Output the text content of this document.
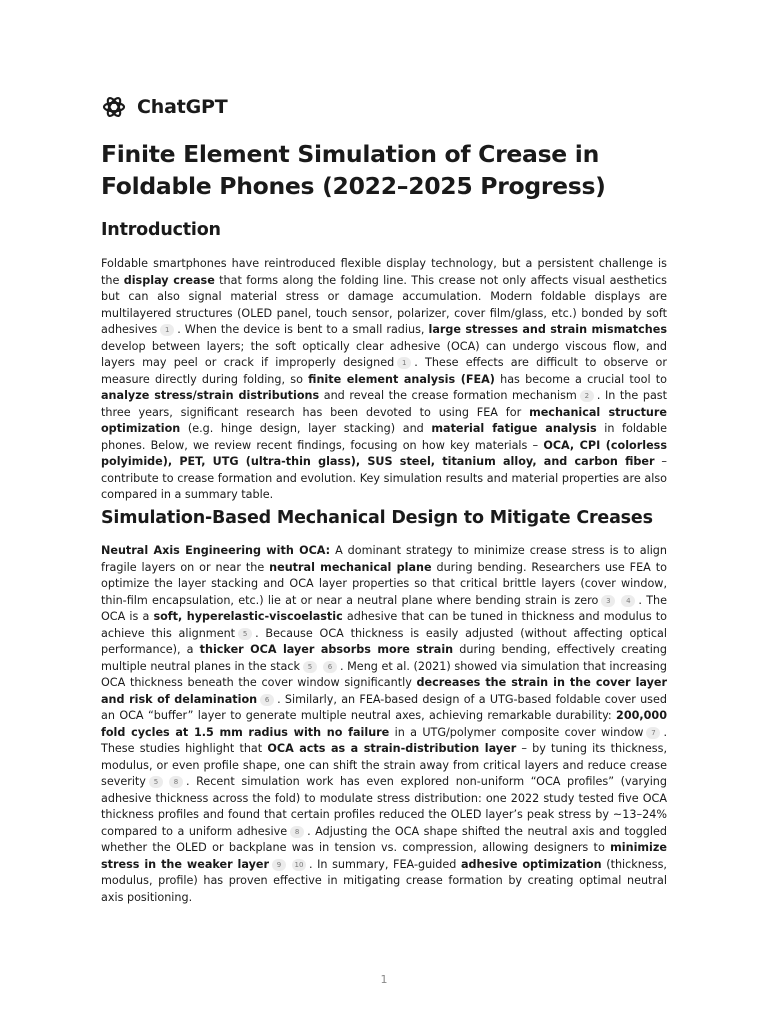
ChatGPT
Finite Element Simulation of Crease in Foldable Phones (2022–2025 Progress)
Introduction

Foldable smartphones have reintroduced flexible display technology, but a persistent challenge is the display crease that forms along the folding line. This crease not only affects visual aesthetics but can also signal material stress or damage accumulation. Modern foldable displays are multilayered structures (OLED panel, touch sensor, polarizer, cover film/glass, etc.) bonded by soft adhesives 1 . When the device is bent to a small radius, large stresses and strain mismatches develop between layers; the soft optically clear adhesive (OCA) can undergo viscous flow, and layers may peel or crack if improperly designed 1 . These effects are difficult to observe or measure directly during folding, so finite element analysis (FEA) has become a crucial tool to analyze stress/strain distributions and reveal the crease formation mechanism 2 . In the past three years, significant research has been devoted to using FEA for mechanical structure optimization (e.g. hinge design, layer stacking) and material fatigue analysis in foldable phones. Below, we review recent findings, focusing on how key materials – OCA, CPI (colorless polyimide), PET, UTG (ultra-thin glass), SUS steel, titanium alloy, and carbon fiber – contribute to crease formation and evolution. Key simulation results and material properties are also compared in a summary table.

Simulation-Based Mechanical Design to Mitigate Creases

Neutral Axis Engineering with OCA: A dominant strategy to minimize crease stress is to align fragile layers on or near the neutral mechanical plane during bending. Researchers use FEA to optimize the layer stacking and OCA layer properties so that critical brittle layers (cover window, thin-film encapsulation, etc.) lie at or near a neutral plane where bending strain is zero 3 4 . The OCA is a soft, hyperelastic-viscoelastic adhesive that can be tuned in thickness and modulus to achieve this alignment 5 . Because OCA thickness is easily adjusted (without affecting optical performance), a thicker OCA layer absorbs more strain during bending, effectively creating multiple neutral planes in the stack 5 6 . Meng et al. (2021) showed via simulation that increasing OCA thickness beneath the cover window significantly decreases the strain in the cover layer and risk of delamination 6 . Similarly, an FEA-based design of a UTG-based foldable cover used an OCA “buffer” layer to generate multiple neutral axes, achieving remarkable durability: 200,000 fold cycles at 1.5 mm radius with no failure in a UTG/polymer composite cover window 7 . These studies highlight that OCA acts as a strain-distribution layer – by tuning its thickness, modulus, or even profile shape, one can shift the strain away from critical layers and reduce crease severity 5 8 . Recent simulation work has even explored non-uniform “OCA profiles” (varying adhesive thickness across the fold) to modulate stress distribution: one 2022 study tested five OCA thickness profiles and found that certain profiles reduced the OLED layer’s peak stress by ~13–24% compared to a uniform adhesive 8 . Adjusting the OCA shape shifted the neutral axis and toggled whether the OLED or backplane was in tension vs. compression, allowing designers to minimize stress in the weaker layer 9 10 . In summary, FEA-guided adhesive optimization (thickness, modulus, profile) has proven effective in mitigating crease formation by creating optimal neutral axis positioning.

1
